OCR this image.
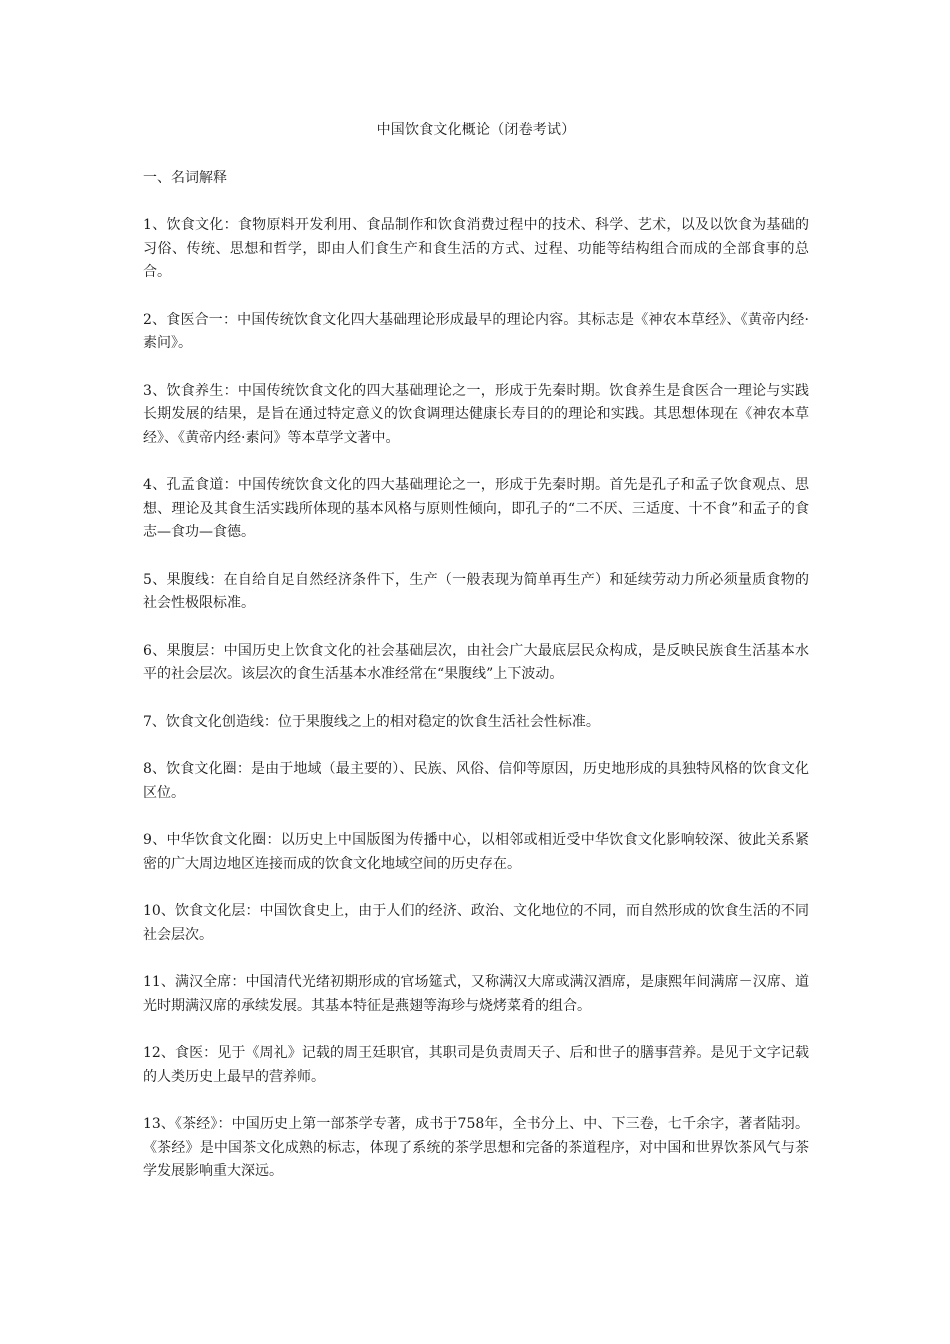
中国饮食文化概论（闭卷考试）
一、名词解释

1、饮食文化：食物原料开发利用、食品制作和饮食消费过程中的技术、科学、艺术，以及以饮食为基础的习俗、传统、思想和哲学，即由人们食生产和食生活的方式、过程、功能等结构组合而成的全部食事的总合。

2、食医合一：中国传统饮食文化四大基础理论形成最早的理论内容。其标志是《神农本草经》、《黄帝内经·素问》。

3、饮食养生：中国传统饮食文化的四大基础理论之一，形成于先秦时期。饮食养生是食医合一理论与实践长期发展的结果，是旨在通过特定意义的饮食调理达健康长寿目的的理论和实践。其思想体现在《神农本草经》、《黄帝内经·素问》等本草学文著中。

4、孔孟食道：中国传统饮食文化的四大基础理论之一，形成于先秦时期。首先是孔子和孟子饮食观点、思想、理论及其食生活实践所体现的基本风格与原则性倾向，即孔子的“二不厌、三适度、十不食”和孟子的食志—食功—食德。

5、果腹线：在自给自足自然经济条件下，生产（一般表现为简单再生产）和延续劳动力所必须量质食物的社会性极限标准。

6、果腹层：中国历史上饮食文化的社会基础层次，由社会广大最底层民众构成，是反映民族食生活基本水平的社会层次。该层次的食生活基本水准经常在“果腹线”上下波动。

7、饮食文化创造线：位于果腹线之上的相对稳定的饮食生活社会性标准。

8、饮食文化圈：是由于地域（最主要的）、民族、风俗、信仰等原因，历史地形成的具独特风格的饮食文化区位。

9、中华饮食文化圈：以历史上中国版图为传播中心，以相邻或相近受中华饮食文化影响较深、彼此关系紧密的广大周边地区连接而成的饮食文化地域空间的历史存在。

10、饮食文化层：中国饮食史上，由于人们的经济、政治、文化地位的不同，而自然形成的饮食生活的不同社会层次。

11、满汉全席：中国清代光绪初期形成的官场筵式，又称满汉大席或满汉酒席，是康熙年间满席－汉席、道光时期满汉席的承续发展。其基本特征是燕翅等海珍与烧烤菜肴的组合。

12、食医：见于《周礼》记载的周王廷职官，其职司是负责周天子、后和世子的膳事营养。是见于文字记载的人类历史上最早的营养师。

13、《茶经》：中国历史上第一部茶学专著，成书于758年，全书分上、中、下三卷，七千余字，著者陆羽。《茶经》是中国茶文化成熟的标志，体现了系统的茶学思想和完备的茶道程序，对中国和世界饮茶风气与茶学发展影响重大深远。
